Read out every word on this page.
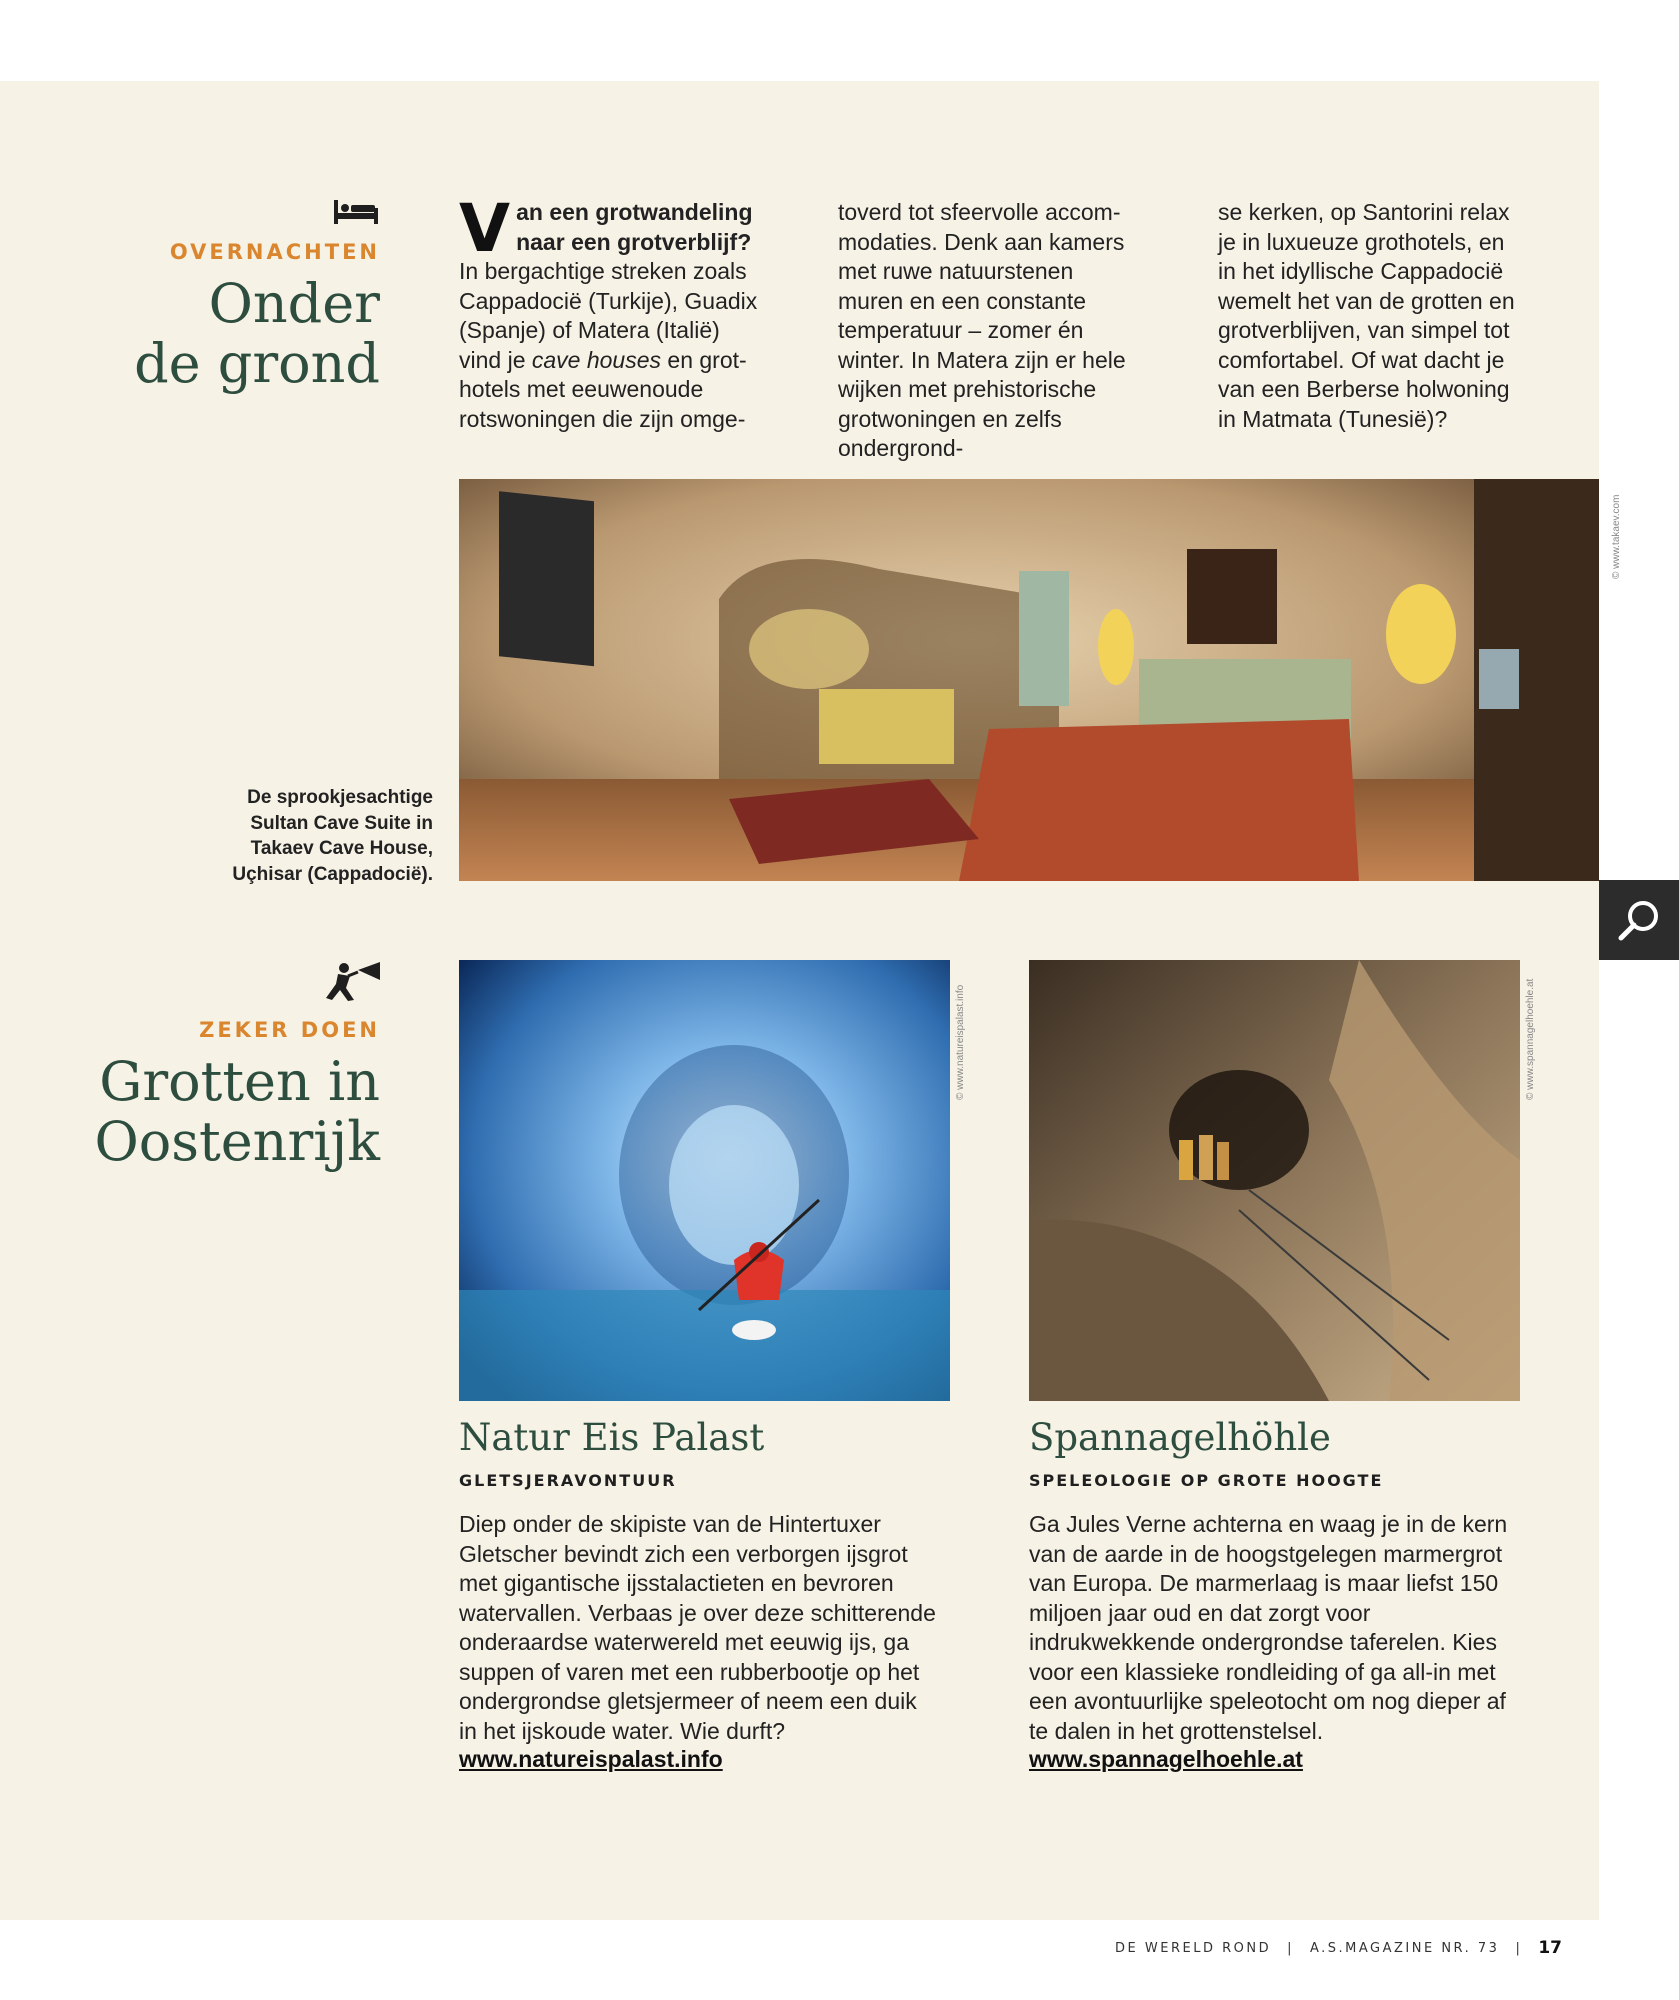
OVERNACHTEN
Onder
de grond
V an een grotwandeling naar een grotverblijf? In bergachtige streken zoals Cappadocië (Turkije), Guadix (Spanje) of Matera (Italië) vind je cave houses en grothotels met eeuwenoude rotswoningen die zijn omge-
toverd tot sfeervolle accommodaties. Denk aan kamers met ruwe natuurstenen muren en een constante temperatuur – zomer én winter. In Matera zijn er hele wijken met prehistorische grotwoningen en zelfs ondergrond-
se kerken, op Santorini relax je in luxueuze grothotels, en in het idyllische Cappadocië wemelt het van de grotten en grotverblijven, van simpel tot comfortabel. Of wat dacht je van een Berberse holwoning in Matmata (Tunesië)?
© www.takaev.com
De sprookjesachtige Sultan Cave Suite in Takaev Cave House, Uçhisar (Cappadocië).
ZEKER DOEN
Grotten in
Oostenrijk
© www.natureispalast.info	© www.spannagelhoehle.at
Natur Eis Palast
GLETSJERAVONTUUR
Diep onder de skipiste van de Hintertuxer Gletscher bevindt zich een verborgen ijsgrot met gigantische ijsstalactieten en bevroren watervallen. Verbaas je over deze schitterende onderaardse waterwereld met eeuwig ijs, ga suppen of varen met een rubberbootje op het ondergrondse gletsjermeer of neem een duik in het ijskoude water. Wie durft?
www.natureispalast.info
Spannagelhöhle
SPELEOLOGIE OP GROTE HOOGTE
Ga Jules Verne achterna en waag je in de kern van de aarde in de hoogstgelegen marmergrot van Europa. De marmerlaag is maar liefst 150 miljoen jaar oud en dat zorgt voor indrukwekkende ondergrondse taferelen. Kies voor een klassieke rondleiding of ga all-in met een avontuurlijke speleotocht om nog dieper af te dalen in het grottenstelsel.
www.spannagelhoehle.at
DE WERELD ROND | A.S.MAGAZINE NR. 73 | 17
